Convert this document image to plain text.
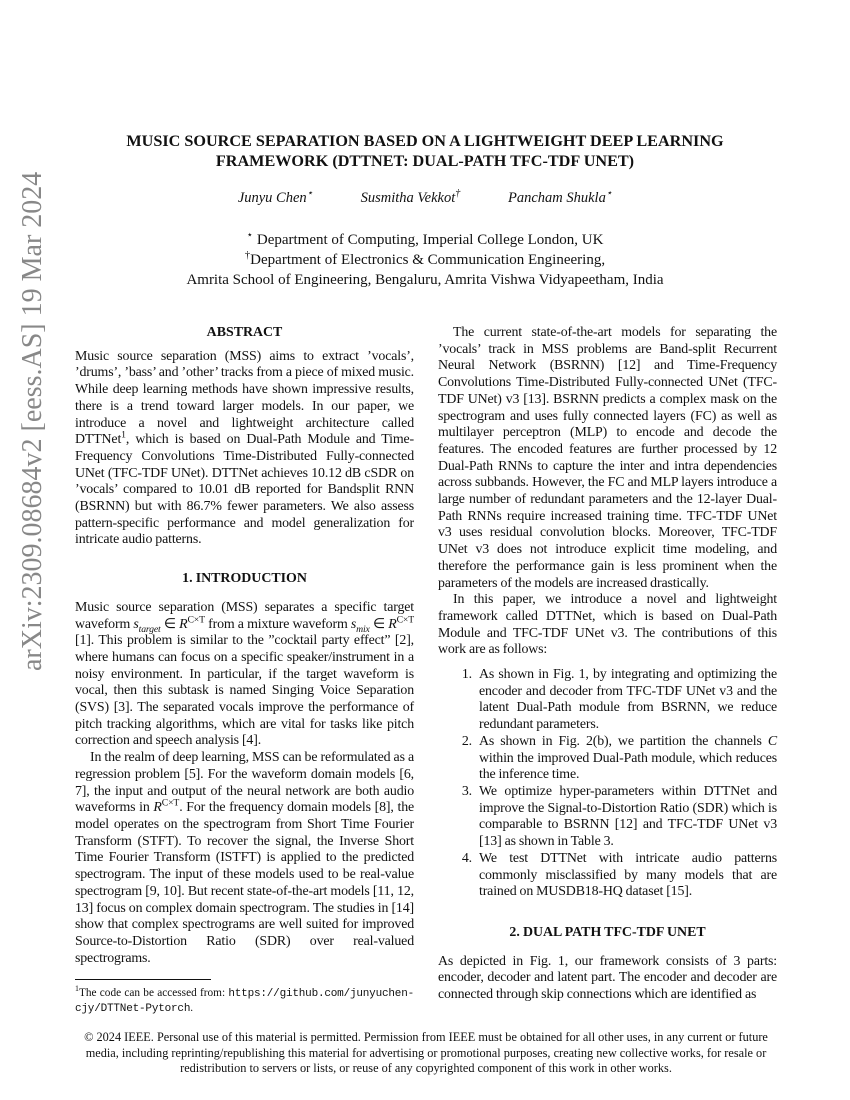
arXiv:2309.08684v2 [eess.AS] 19 Mar 2024
MUSIC SOURCE SEPARATION BASED ON A LIGHTWEIGHT DEEP LEARNING
FRAMEWORK (DTTNET: DUAL-PATH TFC-TDF UNET)
Junyu Chen⋆	Susmitha Vekkot†	Pancham Shukla⋆
⋆ Department of Computing, Imperial College London, UK
†Department of Electronics & Communication Engineering,
Amrita School of Engineering, Bengaluru, Amrita Vishwa Vidyapeetham, India
ABSTRACT

Music source separation (MSS) aims to extract ’vocals’, ’drums’, ’bass’ and ’other’ tracks from a piece of mixed music. While deep learning methods have shown impressive results, there is a trend toward larger models. In our paper, we introduce a novel and lightweight architecture called DTTNet$^1$, which is based on Dual-Path Module and Time-Frequency Convolutions Time-Distributed Fully-connected UNet (TFC-TDF UNet). DTTNet achieves 10.12 dB cSDR on ’vocals’ compared to 10.01 dB reported for Bandsplit RNN (BSRNN) but with 86.7% fewer parameters. We also assess pattern-specific performance and model generalization for intricate audio patterns.

1. INTRODUCTION

Music source separation (MSS) separates a specific target waveform $s_{target}$ ∈ $R^{C\times T}$ from a mixture waveform $s_{mix}$ ∈ $R^{C\times T}$ [1]. This problem is similar to the ”cocktail party effect” [2], where humans can focus on a specific speaker/instrument in a noisy environment. In particular, if the target waveform is vocal, then this subtask is named Singing Voice Separation (SVS) [3]. The separated vocals improve the performance of pitch tracking algorithms, which are vital for tasks like pitch correction and speech analysis [4].

In the realm of deep learning, MSS can be reformulated as a regression problem [5]. For the waveform domain models [6, 7], the input and output of the neural network are both audio waveforms in $R^{C\times T}$. For the frequency domain models [8], the model operates on the spectrogram from Short Time Fourier Transform (STFT). To recover the signal, the Inverse Short Time Fourier Transform (ISTFT) is applied to the predicted spectrogram. The input of these models used to be real-value spectrogram [9, 10]. But recent state-of-the-art models [11, 12, 13] focus on complex domain spectrogram. The studies in [14] show that complex spectrograms are well suited for improved Source-to-Distortion Ratio (SDR) over real-valued spectrograms.

$^1$The code can be accessed from: https://github.com/junyuchen-cjy/DTTNet-Pytorch.

The current state-of-the-art models for separating the ’vocals’ track in MSS problems are Band-split Recurrent Neural Network (BSRNN) [12] and Time-Frequency Convolutions Time-Distributed Fully-connected UNet (TFC-TDF UNet) v3 [13]. BSRNN predicts a complex mask on the spectrogram and uses fully connected layers (FC) as well as multilayer perceptron (MLP) to encode and decode the features. The encoded features are further processed by 12 Dual-Path RNNs to capture the inter and intra dependencies across subbands. However, the FC and MLP layers introduce a large number of redundant parameters and the 12-layer Dual-Path RNNs require increased training time. TFC-TDF UNet v3 uses residual convolution blocks. Moreover, TFC-TDF UNet v3 does not introduce explicit time modeling, and therefore the performance gain is less prominent when the parameters of the models are increased drastically.

In this paper, we introduce a novel and lightweight framework called DTTNet, which is based on Dual-Path Module and TFC-TDF UNet v3. The contributions of this work are as follows:

1. As shown in Fig. 1, by integrating and optimizing the encoder and decoder from TFC-TDF UNet v3 and the latent Dual-Path module from BSRNN, we reduce redundant parameters.
2. As shown in Fig. 2(b), we partition the channels C within the improved Dual-Path module, which reduces the inference time.
3. We optimize hyper-parameters within DTTNet and improve the Signal-to-Distortion Ratio (SDR) which is comparable to BSRNN [12] and TFC-TDF UNet v3 [13] as shown in Table 3.
4. We test DTTNet with intricate audio patterns commonly misclassified by many models that are trained on MUSDB18-HQ dataset [15].
2. DUAL PATH TFC-TDF UNET

As depicted in Fig. 1, our framework consists of 3 parts: encoder, decoder and latent part. The encoder and decoder are connected through skip connections which are identified as

© 2024 IEEE. Personal use of this material is permitted. Permission from IEEE must be obtained for all other uses, in any current or future media, including reprinting/republishing this material for advertising or promotional purposes, creating new collective works, for resale or redistribution to servers or lists, or reuse of any copyrighted component of this work in other works.
